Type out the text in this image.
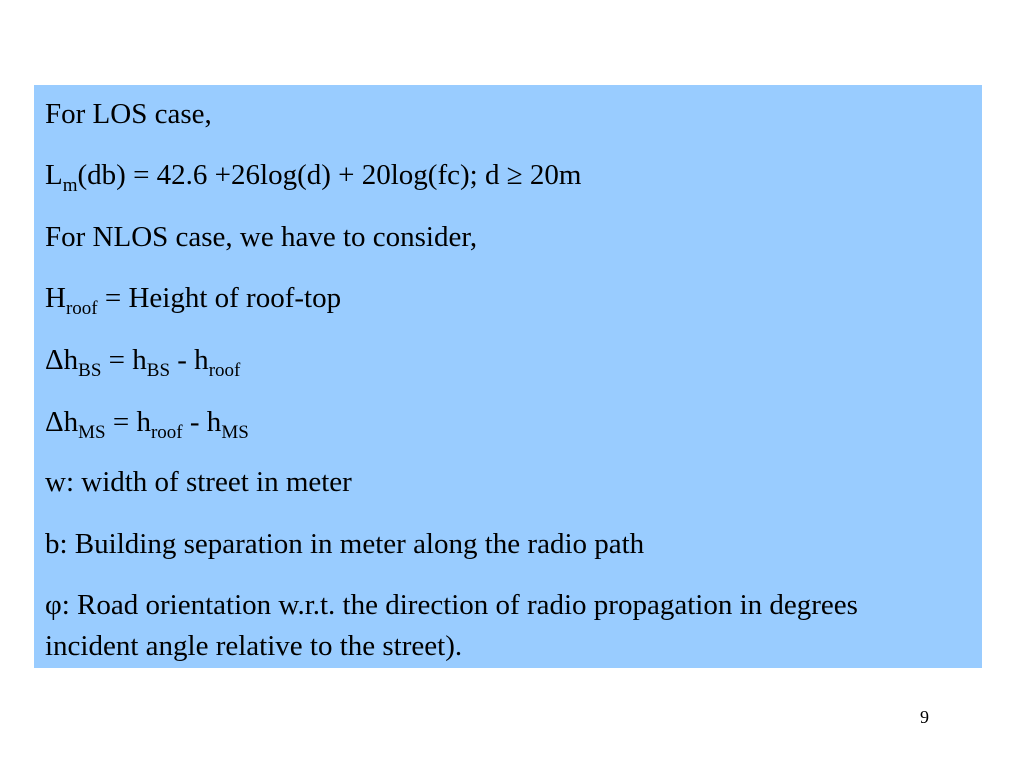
For LOS case,
$L_m(db) = 42.6 +26\log(d) + 20\log(fc)$; d ≥ 20m
For NLOS case, we have to consider,
$H_{roof}$ = Height of roof-top
$\Delta h_{BS} = h_{BS} - h_{roof}$
$\Delta h_{MS} = h_{roof} - h_{MS}$
w: width of street in meter
b: Building separation in meter along the radio path
φ: Road orientation w.r.t. the direction of radio propagation in degrees incident angle relative to the street).
9
